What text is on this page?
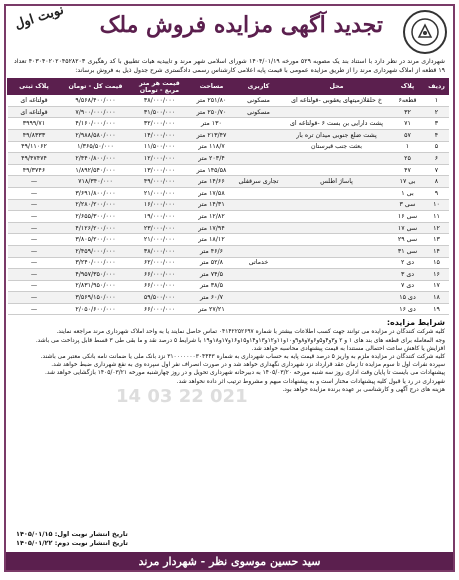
تجدید آگهی مزایده فروش ملک
نوبت اول
شهرداری مرند در نظر دارد با استناد بند یک مصوبه ۵۲۹ مورخه ۱۴۰۴/۰۱/۱۹ شورای اسلامی شهر مرند و تاییدیه هیات تطبیق با کد رهگیری ۴۰۳۰۴۰۲۰۲۰۴۵۲۸۲۰۳ تعداد ۱۹ قطعه از املاک شهرداری مرند را از طریق مزایده عمومی با قیمت پایه اعلامی کارشناس رسمی دادگستری شرح جدول ذیل به فروش برساند:
ردیف	پلاک	محل	کاربری	مساحت	قیمت هر متر مربع - تومان	قیمت کل - تومان	پلاک ثبتی
۱	قطعه۶	خ حلقلازمیتهای یعقوبی -قولتاغه ای	مسکونی	۲۵۱/۸۰ متر	۳۸/۰۰۰/۰۰۰	۹/۵۶۸/۴۰۰/۰۰۰	قولتاغه ای
۲	۳۲		مسکونی	۲۵۰/۷۰ متر	۳۱/۵۰۰/۰۰۰	۷/۹۰۰/۰۰۰/۰۰۰	قولتاغه ای
۳	۷۱	پشت دارایی بن بست ۶ -قولتاغه ای		۱۳۰ متر	۳۲/۰۰۰/۰۰۰	۴/۱۶۰/۰۰۰/۰۰۰	۳۹۹۹/۷۱
۴	۵۷	پشت ضلع جنوبی میدان تره بار		۲۱۳/۴۷ متر	۱۴/۰۰۰/۰۰۰	۲/۹۸۸/۵۸۰/۰۰۰	۴۹/۸۳۳۳
۵	۱	بعثت جنب قبرستان		۱۱۸/۷ متر	۱۱/۵۰۰/۰۰۰	۱/۳۶۵/۵۰/۰۰۰	۴۹/۱۱۰۶۲
۶	۲۵			۲۰۳/۴ متر	۱۲/۰۰۰/۰۰۰	۲/۴۴۰/۸۰۰/۰۰۰	۴۹/۴۷۴۷۴
۷	۴۷			۱۴۵/۵۸ متر	۱۳/۰۰۰/۰۰۰	۱/۸۹۲/۵۴۰/۰۰۰	۴۹/۳۷۴۶
۸	بی ۱۷	پاساژ اطلس	تجاری سرقفلی	۱۴/۶۶ متر	۴۹/۰۰۰/۰۰۰	۷۱۸/۳۴۰/۰۰۰	—
۹	بی ۱			۱۷/۵۸ متر	۲۱/۰۰۰/۰۰۰	۳/۶۹۱/۸۰۰/۰۰۰	—
۱۰	سی ۳			۱۴/۳۱ متر	۱۶/۰۰۰/۰۰۰	۲/۲۸۰/۲۰۰/۰۰۰	—
۱۱	سی ۱۶			۱۲/۸۲ متر	۱۹/۰۰۰/۰۰۰	۲/۶۵۵/۳۰۰/۰۰۰	—
۱۲	سی ۱۷			۱۷/۹۴ متر	۲۳/۰۰۰/۰۰۰	۴/۱۲۶/۲۰۰/۰۰۰	—
۱۳	سی ۲۹			۱۸/۱۲ متر	۲۱/۰۰۰/۰۰۰	۳/۸۰۵/۲۰۰/۰۰۰	—
۱۴	سی ۳۱			۴۶/۶ متر	۳۸/۰۰۰/۰۰۰	۲/۴۵۹/۰۰۰/۰۰۰	—
۱۵	دی ۲		خدماتی	۵۲/۸ متر	۶۲/۰۰۰/۰۰۰	۳/۲۴۰/۰۰۰/۰۰۰	—
۱۶	دی ۳			۷۴/۵ متر	۶۶/۰۰۰/۰۰۰	۴/۹۵۷/۳۵۰/۰۰۰	—
۱۷	دی ۷			۳۸/۵ متر	۶۶/۰۰۰/۰۰۰	۲/۸۳۱/۹۵۰/۰۰۰	—
۱۸	دی ۱۵			۶۰/۷ متر	۵۹/۵۰۰/۰۰۰	۳/۵۶۹/۱۵۰/۰۰۰	—
۱۹	دی ۱۶			۲۷/۲۱ متر	۶۶/۰۰۰/۰۰۰	۲/۰۵۰/۶۰۰/۰۰۰	—
شرایط مزایده:

کلیه شرکت کنندگان در مزایده می توانند جهت کسب اطلاعات بیشتر با شماره ۰۴۱۴۲۲۵۲۶۹۷ تماس حاصل نمایند یا به واحد املاک شهرداری مرند مراجعه نمایند.

وجه المعامله برای قطعه های بند های ۱ و ۲ و۳و۴و۵و۶و۷و۸و۹و۱۰و۱۱و۱۲و۱۳و۱۴و۱۵و۱۶و۱۷و۱۸و۱۹ با شرایط ۵ درصد نقد و ما بقی طی ۳ قسط قابل پرداخت می باشد.

افزایش یا کاهش ساعت احتمالی مستندا به قیمت پیشنهادی محاسبه خواهد شد.

کلیه شرکت کنندگان در مزایده ملزم به واریز ۵ درصد قیمت پایه به حساب شهرداری به شماره ۳۱۰۰۰۰۰۰۰۳۰۴۴۴۳ نزد بانک ملی یا ضمانت نامه بانکی معتبر می باشند.

سپرده نفرات اول تا سوم مزایده تا زمان عقد قرارداد نزد شهرداری نگهداری خواهد شد و در صورت انصراف نفر اول سپرده وی به نفع شهرداری ضبط خواهد شد.

پیشنهادات می بایست تا پایان وقت اداری روز سه شنبه مورخه ۱۴۰۵/۰۳/۲۰ به دبیرخانه شهرداری تحویل و در روز چهارشنبه مورخه ۱۴۰۵/۰۳/۲۱ بازگشایی خواهد شد.

شهرداری در رد یا قبول کلیه پیشنهادات مختار است و به پیشنهادات مبهم و مشروط ترتیب اثر داده نخواهد شد.

هزینه های درج آگهی و کارشناسی بر عهده برنده مزایده خواهد بود.

تاریخ انتشار نوبت اول: ۱۴۰۵/۰۱/۱۵
تاریخ انتشار نوبت دوم: ۱۴۰۵/۰۱/۲۲
021 22 03 14
سید حسین موسوی نظر - شهردار مرند
